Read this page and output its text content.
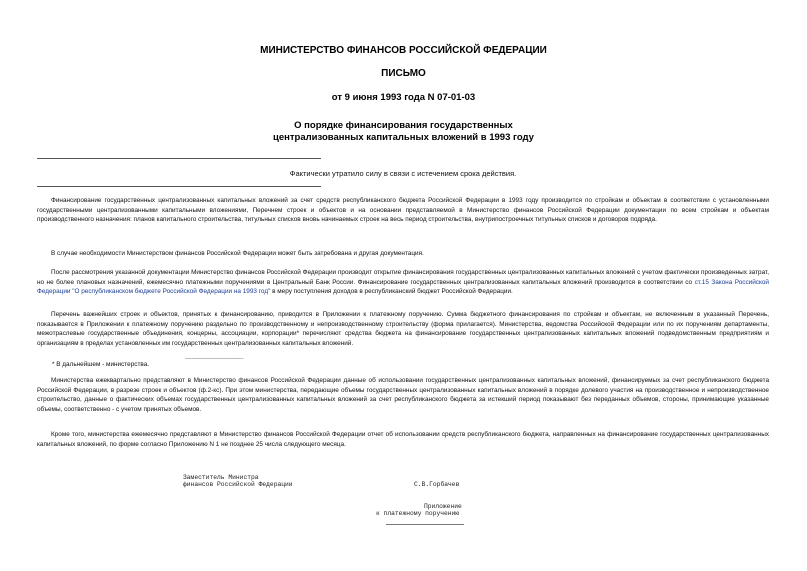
МИНИСТЕРСТВО ФИНАНСОВ РОССИЙСКОЙ ФЕДЕРАЦИИ
ПИСЬМО
от 9 июня 1993 года N 07-01-03
О порядке финансирования государственных
централизованных капитальных вложений в 1993 году
Фактически утратило силу в связи с истечением срока действия.

Финансирование государственных централизованных капитальных вложений за счет средств республиканского бюджета Российской Федерации в 1993 году производится по стройкам и объектам в соответствии с установленными государственными централизованными капитальными вложениями, Перечнем строек и объектов и на основании представляемой в Министерство финансов Российской Федерации документации по всем стройкам и объектам производственного назначения: планов капитального строительства, титульных списков вновь начинаемых строек на весь период строительства, внутрипостроечных титульных списков и договоров подряда.

В случае необходимости Министерством финансов Российской Федерации может быть затребована и другая документация.

После рассмотрения указанной документации Министерство финансов Российской Федерации производит открытие финансирования государственных централизованных капитальных вложений с учетом фактически произведенных затрат, но не более плановых назначений, ежемесячно платежными поручениями в Центральный Банк России. Финансирование государственных централизованных капитальных вложений производится в соответствии со ст.15 Закона Российской Федерации "О республиканском бюджете Российской Федерации на 1993 год" в меру поступления доходов в республиканский бюджет Российской Федерации.

Перечень важнейших строек и объектов, принятых к финансированию, приводится в Приложении к платежному поручению. Сумма бюджетного финансирования по стройкам и объектам, не включенным в указанный Перечень, показывается в Приложении к платежному поручению раздельно по производственному и непроизводственному строительству (форма прилагается). Министерства, ведомства Российской Федерации или по их поручениям департаменты, межотраслевые государственные объединения, концерны, ассоциации, корпорации* перечисляют средства бюджета на финансирование государственных централизованных капитальных вложений подведомственным предприятиям и организациям в пределах установленных им государственных централизованных капитальных вложений.

________________
* В дальнейшем - министерства.

Министерства ежеквартально представляют в Министерство финансов Российской Федерации данные об использовании государственных централизованных капитальных вложений, финансируемых за счет республиканского бюджета Российской Федерации, в разрезе строек и объектов (ф.2-кс). При этом министерства, передающие объемы государственных централизованных капитальных вложений в порядке долевого участия на производственное и непроизводственное строительство, данные о фактических объемах государственных централизованных капитальных вложений за счет республиканского бюджета за истекший период показывают без переданных объемов, стороны, принимающие указанные объемы, соответственно - с учетом принятых объемов.

Кроме того, министерства ежемесячно представляют в Министерство финансов Российской Федерации отчет об использовании средств республиканского бюджета, направленных на финансирование государственных централизованных капитальных вложений, по форме согласно Приложению N 1 не позднее 25 числа следующего месяца.

Заместитель Министра
финансов Российской Федерации	С.В.Горбачев
Приложение
к платежному поручению
